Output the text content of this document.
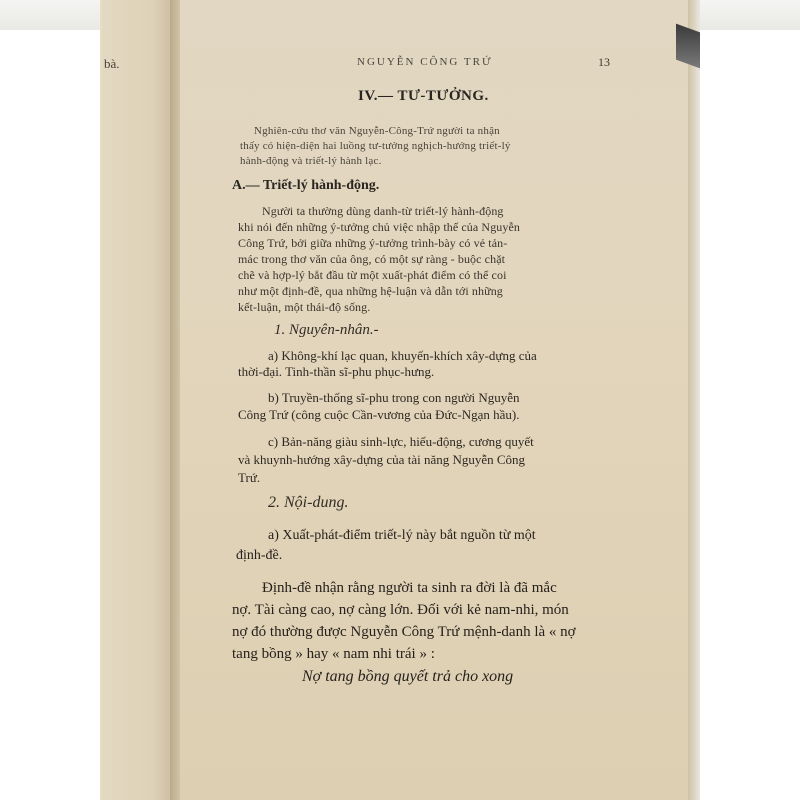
bà.	NGUYỄN CÔNG TRỨ	13
IV.— TƯ-TƯỞNG.
Nghiên-cứu thơ văn Nguyễn-Công-Trứ người ta nhận
thấy có hiện-diện hai luồng tư-tưởng nghịch-hướng triết-lý
hành-động và triết-lý hành lạc.
A.— Triết-lý hành-động.
Người ta thường dùng danh-từ triết-lý hành-động
khi nói đến những ý-tưởng chủ việc nhập thế của Nguyễn
Công Trứ, bởi giữa những ý-tưởng trình-bày có vẻ tản-
mác trong thơ văn của ông, có một sự ràng - buộc chặt
chẽ và hợp-lý bắt đầu từ một xuất-phát điểm có thể coi
như một định-đề, qua những hệ-luận và dẫn tới những
kết-luận, một thái-độ sống.
1. Nguyên-nhân.-
a) Không-khí lạc quan, khuyến-khích xây-dựng của
thời-đại. Tinh-thần sĩ-phu phục-hưng.
b) Truyền-thống sĩ-phu trong con người Nguyễn
Công Trứ (công cuộc Cần-vương của Đức-Ngạn hầu).
c) Bản-năng giàu sinh-lực, hiếu-động, cương quyết
và khuynh-hướng xây-dựng của tài năng Nguyễn Công
Trứ.
2. Nội-dung.
a) Xuất-phát-điểm triết-lý này bắt nguồn từ một
định-đề.
Định-đề nhận rằng người ta sinh ra đời là đã mắc
nợ. Tài càng cao, nợ càng lớn. Đối với kẻ nam-nhi, món
nợ đó thường được Nguyễn Công Trứ mệnh-danh là « nợ
tang bồng » hay « nam nhi trái » :
Nợ tang bồng quyết trả cho xong
